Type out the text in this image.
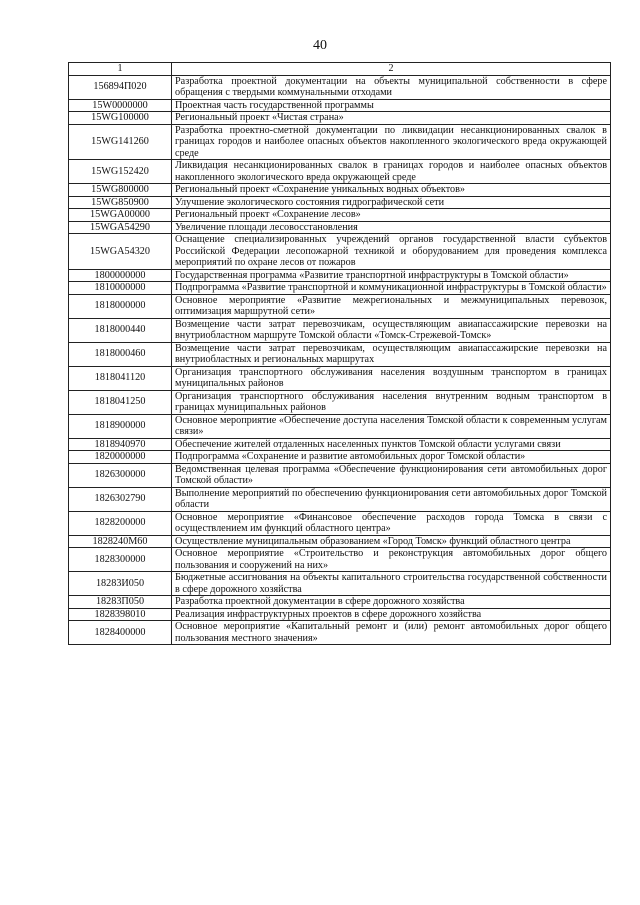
40
1	2
156894П020	Разработка проектной документации на объекты муниципальной собственности в сфере обращения с твердыми коммунальными отходами
15W0000000	Проектная часть государственной программы
15WG100000	Региональный проект «Чистая страна»
15WG141260	Разработка проектно-сметной документации по ликвидации несанкционированных свалок в границах городов и наиболее опасных объектов накопленного экологического вреда окружающей среде
15WG152420	Ликвидация несанкционированных свалок в границах городов и наиболее опасных объектов накопленного экологического вреда окружающей среде
15WG800000	Региональный проект «Сохранение уникальных водных объектов»
15WG850900	Улучшение экологического состояния гидрографической сети
15WGA00000	Региональный проект «Сохранение лесов»
15WGA54290	Увеличение площади лесовосстановления
15WGA54320	Оснащение специализированных учреждений органов государственной власти субъектов Российской Федерации лесопожарной техникой и оборудованием для проведения комплекса мероприятий по охране лесов от пожаров
1800000000	Государственная программа «Развитие транспортной инфраструктуры в Томской области»
1810000000	Подпрограмма «Развитие транспортной и коммуникационной инфраструктуры в Томской области»
1818000000	Основное мероприятие «Развитие межрегиональных и межмуниципальных перевозок, оптимизация маршрутной сети»
1818000440	Возмещение части затрат перевозчикам, осуществляющим авиапассажирские перевозки на внутриобластном маршруте Томской области «Томск-Стрежевой-Томск»
1818000460	Возмещение части затрат перевозчикам, осуществляющим авиапассажирские перевозки на внутриобластных и региональных маршрутах
1818041120	Организация транспортного обслуживания населения воздушным транспортом в границах муниципальных районов
1818041250	Организация транспортного обслуживания населения внутренним водным транспортом в границах муниципальных районов
1818900000	Основное мероприятие «Обеспечение доступа населения Томской области к современным услугам связи»
1818940970	Обеспечение жителей отдаленных населенных пунктов Томской области услугами связи
1820000000	Подпрограмма «Сохранение и развитие автомобильных дорог Томской области»
1826300000	Ведомственная целевая программа «Обеспечение функционирования сети автомобильных дорог Томской области»
1826302790	Выполнение мероприятий по обеспечению функционирования сети автомобильных дорог Томской области
1828200000	Основное мероприятие «Финансовое обеспечение расходов города Томска в связи с осуществлением им функций областного центра»
1828240М60	Осуществление муниципальным образованием «Город Томск» функций областного центра
1828300000	Основное мероприятие «Строительство и реконструкция автомобильных дорог общего пользования и сооружений на них»
18283И050	Бюджетные ассигнования на объекты капитального строительства государственной собственности в сфере дорожного хозяйства
18283П050	Разработка проектной документации в сфере дорожного хозяйства
1828398010	Реализация инфраструктурных проектов в сфере дорожного хозяйства
1828400000	Основное мероприятие «Капитальный ремонт и (или) ремонт автомобильных дорог общего пользования местного значения»
